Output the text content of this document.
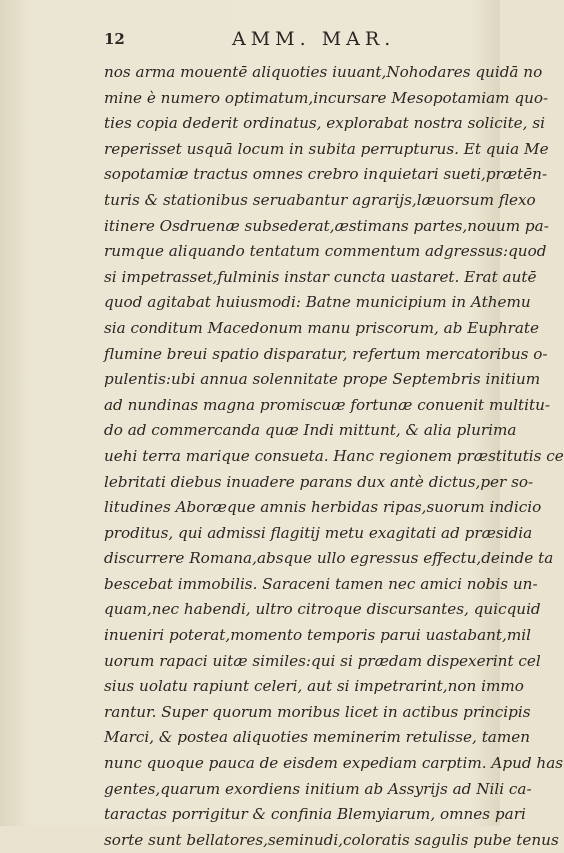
12	AMM. MAR.
nos arma mouentē aliquoties iuuant,Nohodares quidā no
mine è numero optimatum,incursare Mesopotamiam quo-
ties copia dederit ordinatus, explorabat nostra solicite, si
reperisset usquā locum in subita perrupturus. Et quia Me
sopotamiæ tractus omnes crebro inquietari sueti,prætēn-
turis & stationibus seruabantur agrarijs,læuorsum flexo
itinere Osdruenæ subsederat,æstimans partes,nouum pa-
rumque aliquando tentatum commentum adgressus:quod
si impetrasset,fulminis instar cuncta uastaret. Erat autē
quod agitabat huiusmodi: Batne municipium in Athemu
sia conditum Macedonum manu priscorum, ab Euphrate
flumine breui spatio disparatur, refertum mercatoribus o-
pulentis:ubi annua solennitate prope Septembris initium
ad nundinas magna promiscuæ fortunæ conuenit multitu-
do ad commercanda quæ Indi mittunt, & alia plurima
uehi terra marique consueta. Hanc regionem præstitutis ce
lebritati diebus inuadere parans dux antè dictus,per so-
litudines Aboræque amnis herbidas ripas,suorum indicio
proditus, qui admissi flagitij metu exagitati ad præsidia
discurrere Romana,absque ullo egressus effectu,deinde ta
bescebat immobilis. Saraceni tamen nec amici nobis un-
quam,nec habendi, ultro citroque discursantes, quicquid
inueniri poterat,momento temporis parui uastabant,mil
uorum rapaci uitæ similes:qui si prædam dispexerint cel
sius uolatu rapiunt celeri, aut si impetrarint,non immo
rantur. Super quorum moribus licet in actibus principis
Marci, & postea aliquoties meminerim retulisse, tamen
nunc quoque pauca de eisdem expediam carptim. Apud has
gentes,quarum exordiens initium ab Assyrijs ad Nili ca-
taractas porrigitur & confinia Blemyiarum, omnes pari
sorte sunt bellatores,seminudi,coloratis sagulis pube tenus
